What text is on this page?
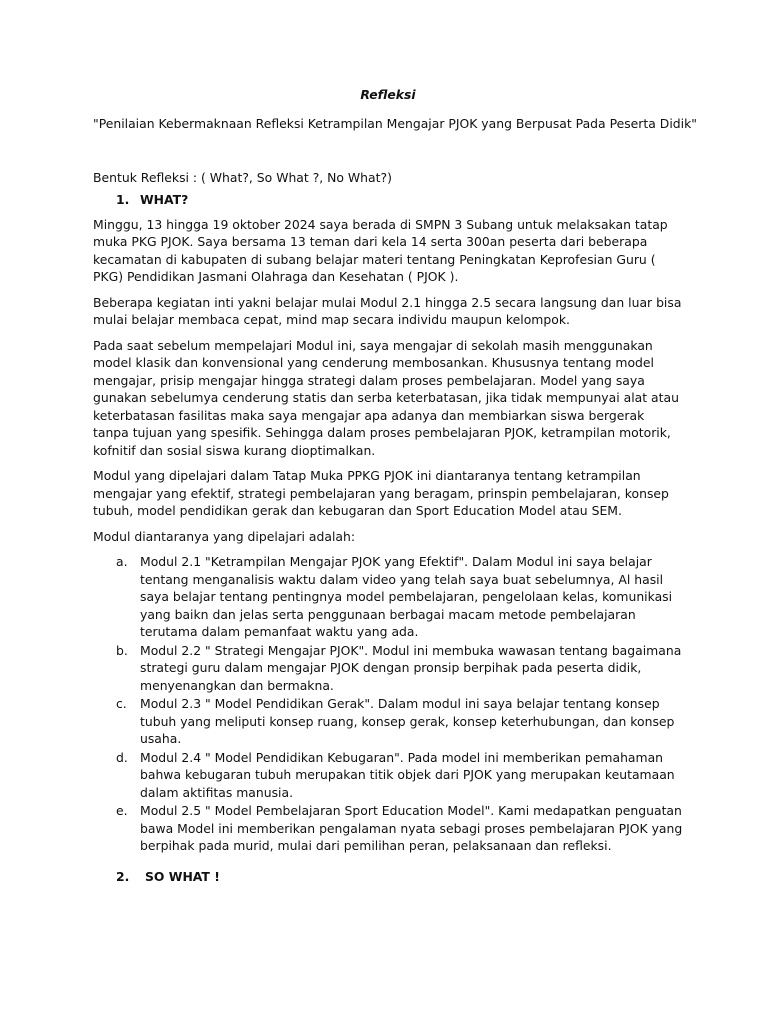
Refleksi

"Penilaian Kebermaknaan Refleksi Ketrampilan Mengajar PJOK yang Berpusat Pada Peserta Didik"

Bentuk Refleksi : ( What?, So What ?, No What?)

1. WHAT?

Minggu, 13 hingga 19 oktober 2024 saya berada di SMPN 3 Subang untuk melaksakan tatap muka PKG PJOK. Saya bersama 13 teman dari kela 14 serta 300an peserta dari beberapa kecamatan di kabupaten di subang belajar materi tentang Peningkatan Keprofesian Guru ( PKG) Pendidikan Jasmani Olahraga dan Kesehatan ( PJOK ).

Beberapa kegiatan inti yakni belajar mulai Modul 2.1 hingga 2.5 secara langsung dan luar bisa mulai belajar membaca cepat, mind map secara individu maupun kelompok.

Pada saat sebelum mempelajari Modul ini, saya mengajar di sekolah masih menggunakan model klasik dan konvensional yang cenderung membosankan. Khususnya tentang model mengajar, prisip mengajar hingga strategi dalam proses pembelajaran. Model yang saya gunakan sebelumya cenderung statis dan serba keterbatasan, jika tidak mempunyai alat atau keterbatasan fasilitas maka saya mengajar apa adanya dan membiarkan siswa bergerak tanpa tujuan yang spesifik. Sehingga dalam proses pembelajaran PJOK, ketrampilan motorik, kofnitif dan sosial siswa kurang dioptimalkan.

Modul yang dipelajari dalam Tatap Muka PPKG PJOK ini diantaranya tentang ketrampilan mengajar yang efektif, strategi pembelajaran yang beragam, prinspin pembelajaran, konsep tubuh, model pendidikan gerak dan kebugaran dan Sport Education Model atau SEM.

Modul diantaranya yang dipelajari adalah:

a.	Modul 2.1 "Ketrampilan Mengajar PJOK yang Efektif". Dalam Modul ini saya belajar tentang menganalisis waktu dalam video yang telah saya buat sebelumnya, Al hasil saya belajar tentang pentingnya model pembelajaran, pengelolaan kelas, komunikasi yang baikn dan jelas serta penggunaan berbagai macam metode pembelajaran terutama dalam pemanfaat waktu yang ada.
b. Modul 2.2 " Strategi Mengajar PJOK". Modul ini membuka wawasan tentang bagaimana strategi guru dalam mengajar PJOK dengan pronsip berpihak pada peserta didik, menyenangkan dan bermakna.
c.	Modul 2.3 " Model Pendidikan Gerak". Dalam modul ini saya belajar tentang konsep tubuh yang meliputi konsep ruang, konsep gerak, konsep keterhubungan, dan konsep usaha.
d. Modul 2.4 " Model Pendidikan Kebugaran". Pada model ini memberikan pemahaman bahwa kebugaran tubuh merupakan titik objek dari PJOK yang merupakan keutamaan dalam aktifitas manusia.
e.	Modul 2.5 " Model Pembelajaran Sport Education Model". Kami medapatkan penguatan bawa Model ini memberikan pengalaman nyata sebagi proses pembelajaran PJOK yang berpihak pada murid, mulai dari pemilihan peran, pelaksanaan dan refleksi.
2.	SO WHAT !
